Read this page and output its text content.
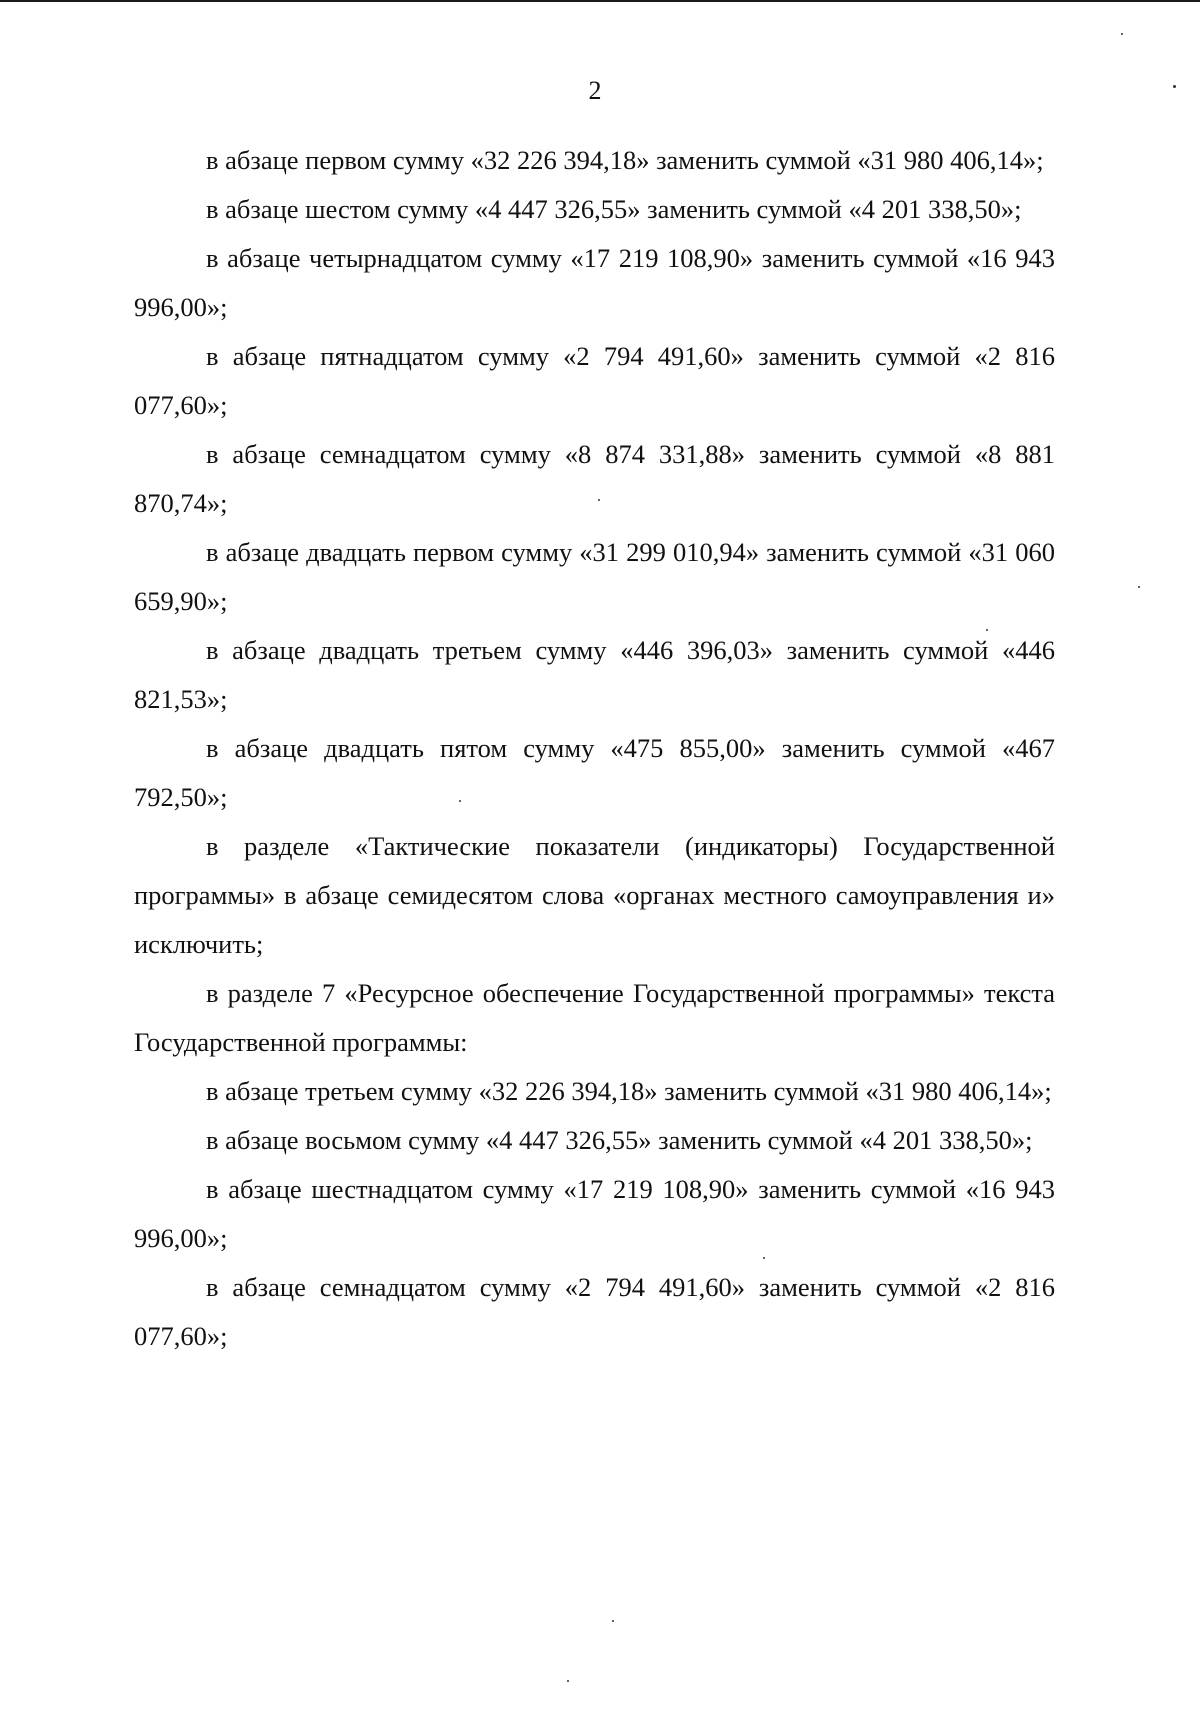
2

в абзаце первом сумму «32 226 394,18» заменить суммой «31 980 406,14»;

в абзаце шестом сумму «4 447 326,55» заменить суммой «4 201 338,50»;

в абзаце четырнадцатом сумму «17 219 108,90» заменить суммой «16 943 996,00»;

в абзаце пятнадцатом сумму «2 794 491,60» заменить суммой «2 816 077,60»;

в абзаце семнадцатом сумму «8 874 331,88» заменить суммой «8 881 870,74»;

в абзаце двадцать первом сумму «31 299 010,94» заменить суммой «31 060 659,90»;

в абзаце двадцать третьем сумму «446 396,03» заменить суммой «446 821,53»;

в абзаце двадцать пятом сумму «475 855,00» заменить суммой «467 792,50»;

в разделе «Тактические показатели (индикаторы) Государственной программы» в абзаце семидесятом слова «органах местного самоуправления и» исключить;

в разделе 7 «Ресурсное обеспечение Государственной программы» текста Государственной программы:

в абзаце третьем сумму «32 226 394,18» заменить суммой «31 980 406,14»;

в абзаце восьмом сумму «4 447 326,55» заменить суммой «4 201 338,50»;

в абзаце шестнадцатом сумму «17 219 108,90» заменить суммой «16 943 996,00»;

в абзаце семнадцатом сумму «2 794 491,60» заменить суммой «2 816 077,60»;
